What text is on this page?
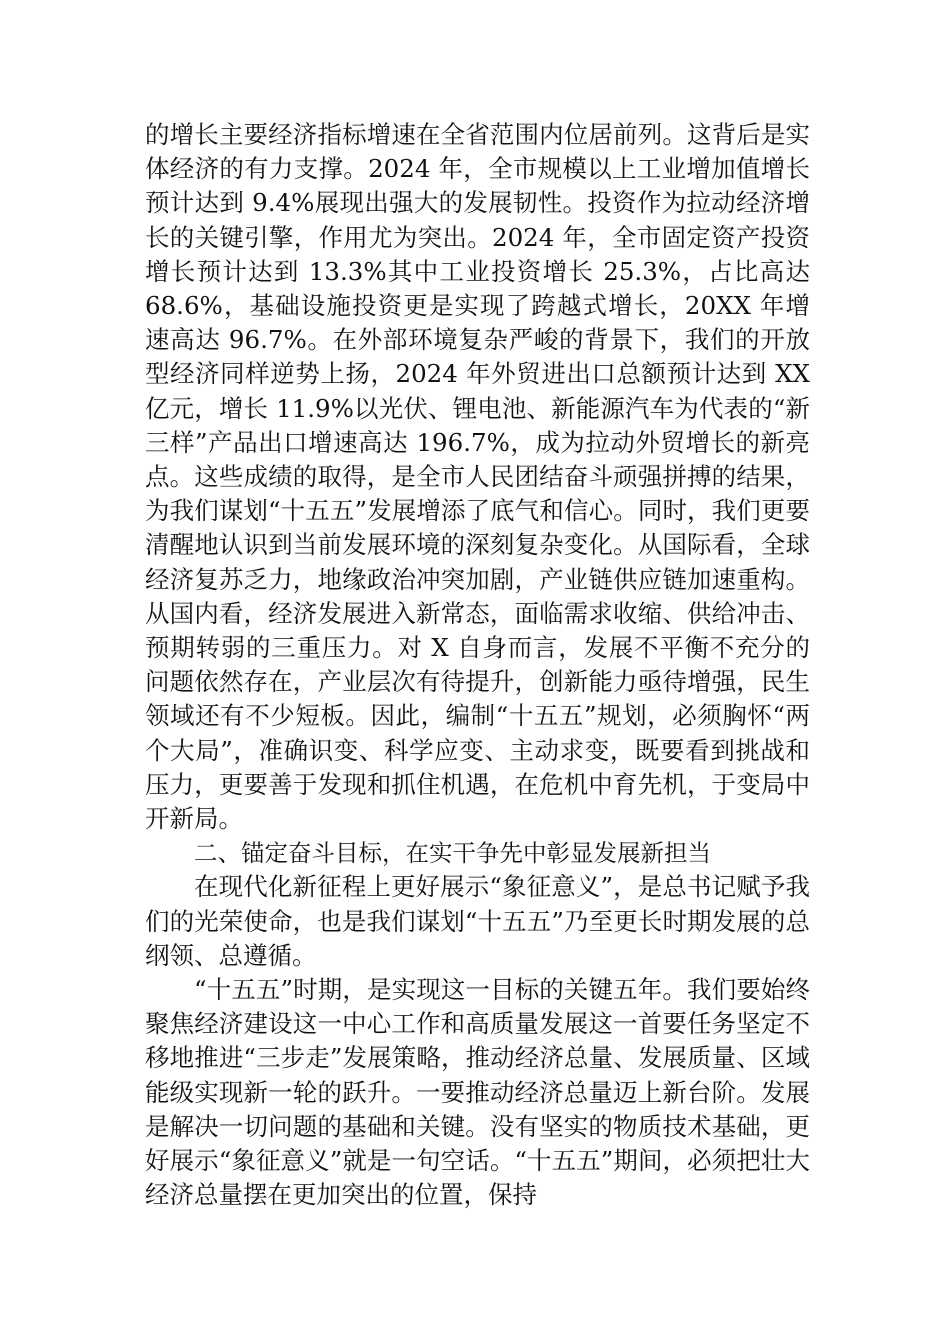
的增长主要经济指标增速在全省范围内位居前列。这背后是实体经济的有力支撑。2024 年，全市规模以上工业增加值增长预计达到 9.4%展现出强大的发展韧性。投资作为拉动经济增长的关键引擎，作用尤为突出。2024 年，全市固定资产投资增长预计达到 13.3%其中工业投资增长 25.3%，占比高达 68.6%，基础设施投资更是实现了跨越式增长，20XX 年增速高达 96.7%。在外部环境复杂严峻的背景下，我们的开放型经济同样逆势上扬，2024 年外贸进出口总额预计达到 XX 亿元，增长 11.9%以光伏、锂电池、新能源汽车为代表的“新三样”产品出口增速高达 196.7%，成为拉动外贸增长的新亮点。这些成绩的取得，是全市人民团结奋斗顽强拼搏的结果，为我们谋划“十五五”发展增添了底气和信心。同时，我们更要清醒地认识到当前发展环境的深刻复杂变化。从国际看，全球经济复苏乏力，地缘政治冲突加剧，产业链供应链加速重构。从国内看，经济发展进入新常态，面临需求收缩、供给冲击、预期转弱的三重压力。对 X 自身而言，发展不平衡不充分的问题依然存在，产业层次有待提升，创新能力亟待增强，民生领域还有不少短板。因此，编制“十五五”规划，必须胸怀“两个大局”，准确识变、科学应变、主动求变，既要看到挑战和压力，更要善于发现和抓住机遇，在危机中育先机，于变局中开新局。

二、锚定奋斗目标，在实干争先中彰显发展新担当

在现代化新征程上更好展示“象征意义”，是总书记赋予我们的光荣使命，也是我们谋划“十五五”乃至更长时期发展的总纲领、总遵循。

“十五五”时期，是实现这一目标的关键五年。我们要始终聚焦经济建设这一中心工作和高质量发展这一首要任务坚定不移地推进“三步走”发展策略，推动经济总量、发展质量、区域能级实现新一轮的跃升。一要推动经济总量迈上新台阶。发展是解决一切问题的基础和关键。没有坚实的物质技术基础，更好展示“象征意义”就是一句空话。“十五五”期间，必须把壮大经济总量摆在更加突出的位置，保持
